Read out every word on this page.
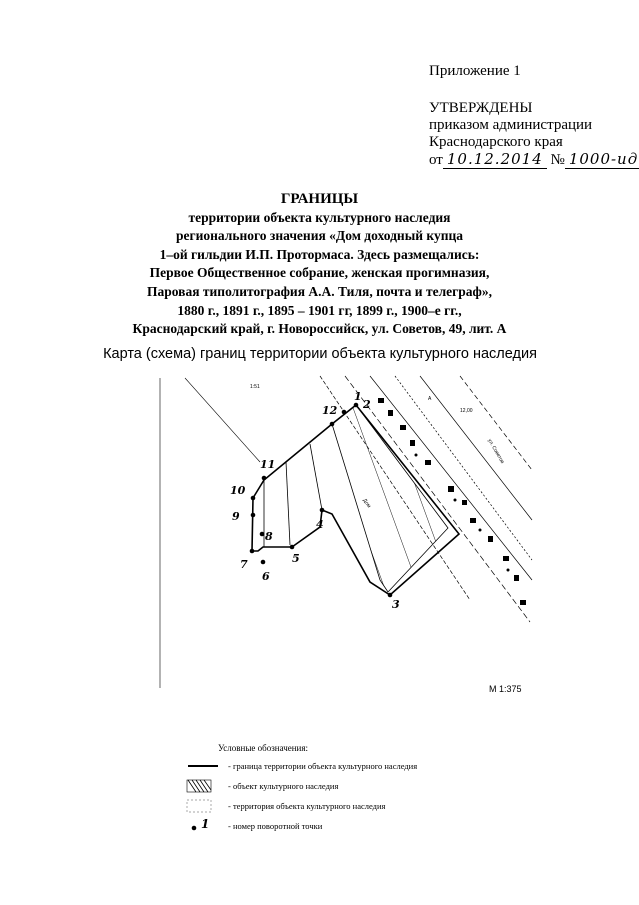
Приложение 1
УТВЕРЖДЕНЫ
приказом администрации
Краснодарского края
от 10.12.2014 № 1000-ид
ГРАНИЦЫ
территории объекта культурного наследия
регионального значения «Дом доходный купца
1–ой гильдии И.П. Протормаса. Здесь размещались:
Первое Общественное собрание, женская прогимназия,
Паровая типолитография А.А. Тиля, почта и телеграф»,
1880 г., 1891 г., 1895 – 1901 гг, 1899 г., 1900–е гг.,
Краснодарский край, г. Новороссийск, ул. Советов, 49, лит. А
Карта (схема) границ территории объекта культурного наследия
1
2
3
4
5
6
7
8
9
10
11
12
1:51
А
Дом
12,00
ул. Советов
М 1:375
Условные обозначения:
- граница территории объекта культурного наследия
- объект культурного наследия
- территория объекта культурного наследия
1 - номер поворотной точки
